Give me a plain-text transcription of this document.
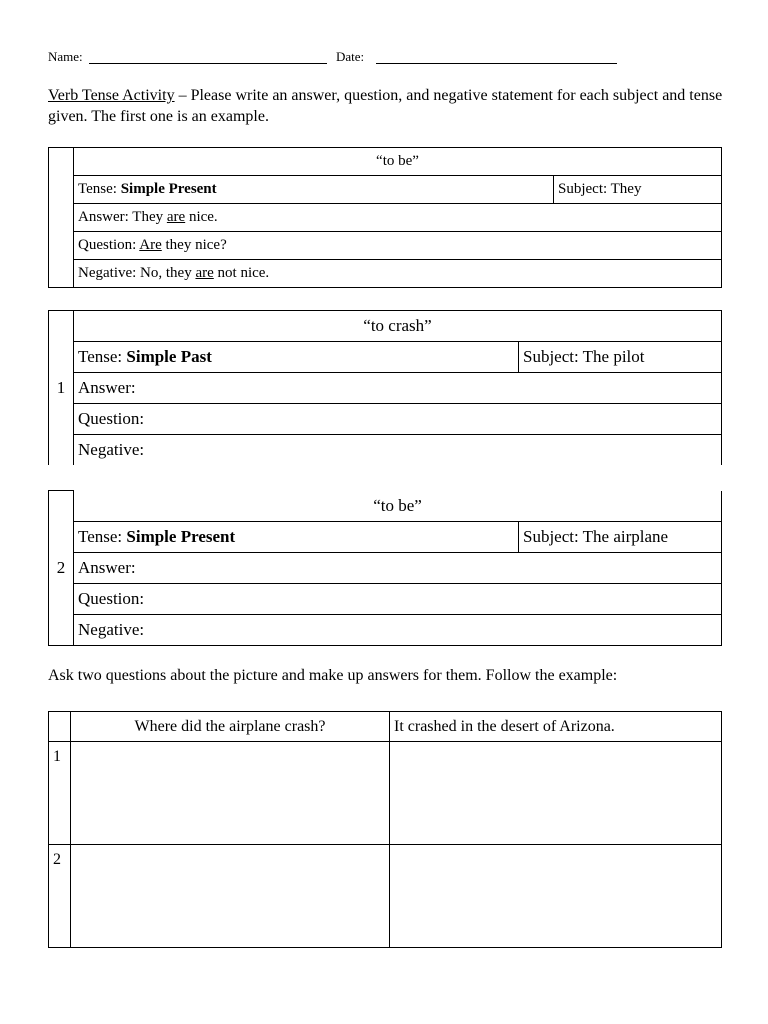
Name:	Date:
Verb Tense Activity – Please write an answer, question, and negative statement for each subject and tense given. The first one is an example.
	“to be”	
	Tense: Simple Present	Subject: They
	Answer: They are nice.	
	Question: Are they nice?	
	Negative: No, they are not nice.	
1	“to crash”	
	Tense: Simple Past	Subject: The pilot
	Answer:	
	Question:	
	Negative:	
2	“to be”	
	Tense: Simple Present	Subject: The airplane
	Answer:	
	Question:	
	Negative:	
Ask two questions about the picture and make up answers for them. Follow the example:
	Where did the airplane crash?	It crashed in the desert of Arizona.
1		
2		
